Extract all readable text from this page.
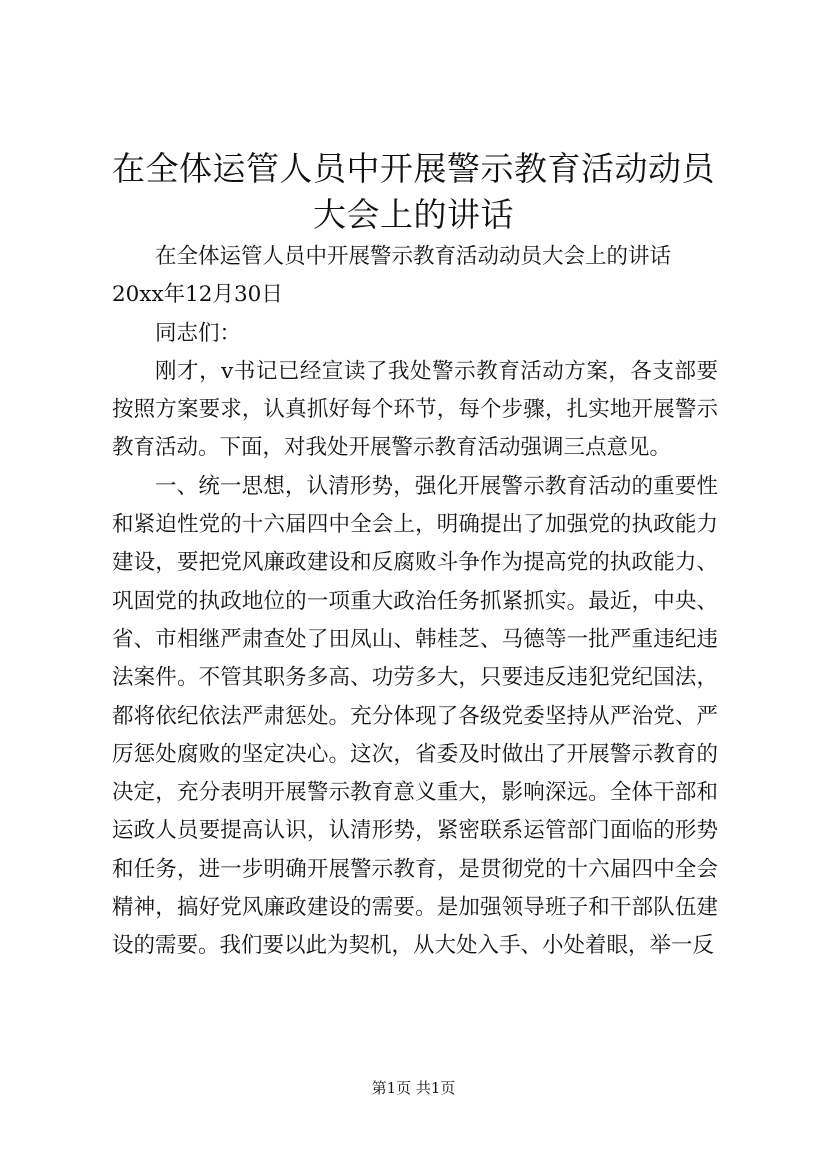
在全体运管人员中开展警示教育活动动员大会上的讲话

在全体运管人员中开展警示教育活动动员大会上的讲话

20xx年12月30日

同志们：

刚才，v书记已经宣读了我处警示教育活动方案，各支部要按照方案要求，认真抓好每个环节，每个步骤，扎实地开展警示教育活动。下面，对我处开展警示教育活动强调三点意见。

一、统一思想，认清形势，强化开展警示教育活动的重要性和紧迫性党的十六届四中全会上，明确提出了加强党的执政能力建设，要把党风廉政建设和反腐败斗争作为提高党的执政能力、巩固党的执政地位的一项重大政治任务抓紧抓实。最近，中央、省、市相继严肃查处了田凤山、韩桂芝、马德等一批严重违纪违法案件。不管其职务多高、功劳多大，只要违反违犯党纪国法，都将依纪依法严肃惩处。充分体现了各级党委坚持从严治党、严厉惩处腐败的坚定决心。这次，省委及时做出了开展警示教育的决定，充分表明开展警示教育意义重大，影响深远。全体干部和运政人员要提高认识，认清形势，紧密联系运管部门面临的形势和任务，进一步明确开展警示教育，是贯彻党的十六届四中全会精神，搞好党风廉政建设的需要。是加强领导班子和干部队伍建设的需要。我们要以此为契机，从大处入手、小处着眼，举一反

第1页 共1页
